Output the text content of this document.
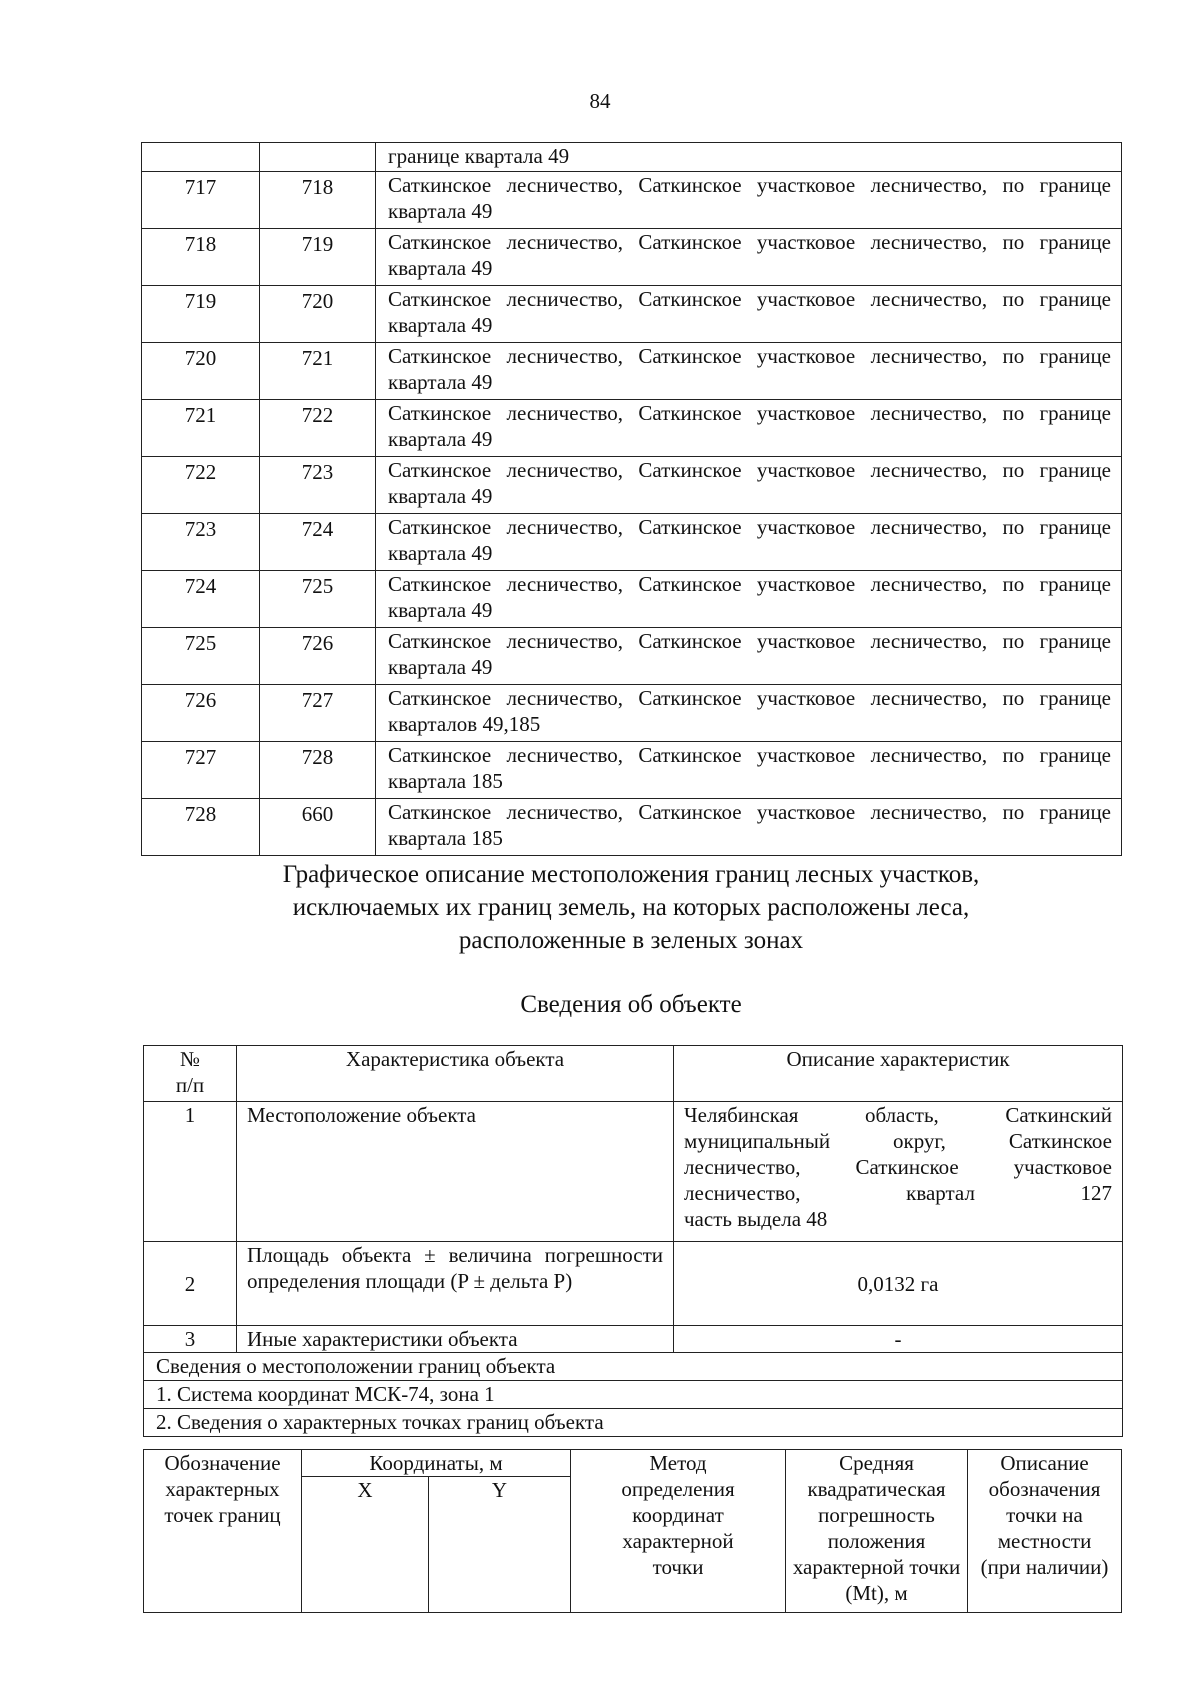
84
		границе квартала 49
717	718	Саткинское лесничество, Саткинское участковое лесничество, по границе квартала 49
718	719	Саткинское лесничество, Саткинское участковое лесничество, по границе квартала 49
719	720	Саткинское лесничество, Саткинское участковое лесничество, по границе квартала 49
720	721	Саткинское лесничество, Саткинское участковое лесничество, по границе квартала 49
721	722	Саткинское лесничество, Саткинское участковое лесничество, по границе квартала 49
722	723	Саткинское лесничество, Саткинское участковое лесничество, по границе квартала 49
723	724	Саткинское лесничество, Саткинское участковое лесничество, по границе квартала 49
724	725	Саткинское лесничество, Саткинское участковое лесничество, по границе квартала 49
725	726	Саткинское лесничество, Саткинское участковое лесничество, по границе квартала 49
726	727	Саткинское лесничество, Саткинское участковое лесничество, по границе кварталов 49,185
727	728	Саткинское лесничество, Саткинское участковое лесничество, по границе квартала 185
728	660	Саткинское лесничество, Саткинское участковое лесничество, по границе квартала 185
Графическое описание местоположения границ лесных участков,
исключаемых их границ земель, на которых расположены леса,
расположенные в зеленых зонах
Сведения об объекте
№ п/п	Характеристика объекта	Описание характеристик
1	Местоположение объекта	Челябинская область, Саткинский муниципальный округ, Саткинское лесничество, Саткинское участковое лесничество, квартал 127
часть выдела 48

2	Площадь объекта ± величина погрешности определения площади (P ± дельта P)	0,0132 га
3	Иные характеристики объекта	-
Сведения о местоположении границ объекта		
1. Система координат МСК-74, зона 1		
2. Сведения о характерных точках границ объекта		
Обозначение характерных точек границ	Координаты, м		Метод определения координат характерной точки	Средняя квадратическая погрешность положения характерной точки (Mt), м	Описание обозначения точки на местности (при наличии)
	X	Y			
